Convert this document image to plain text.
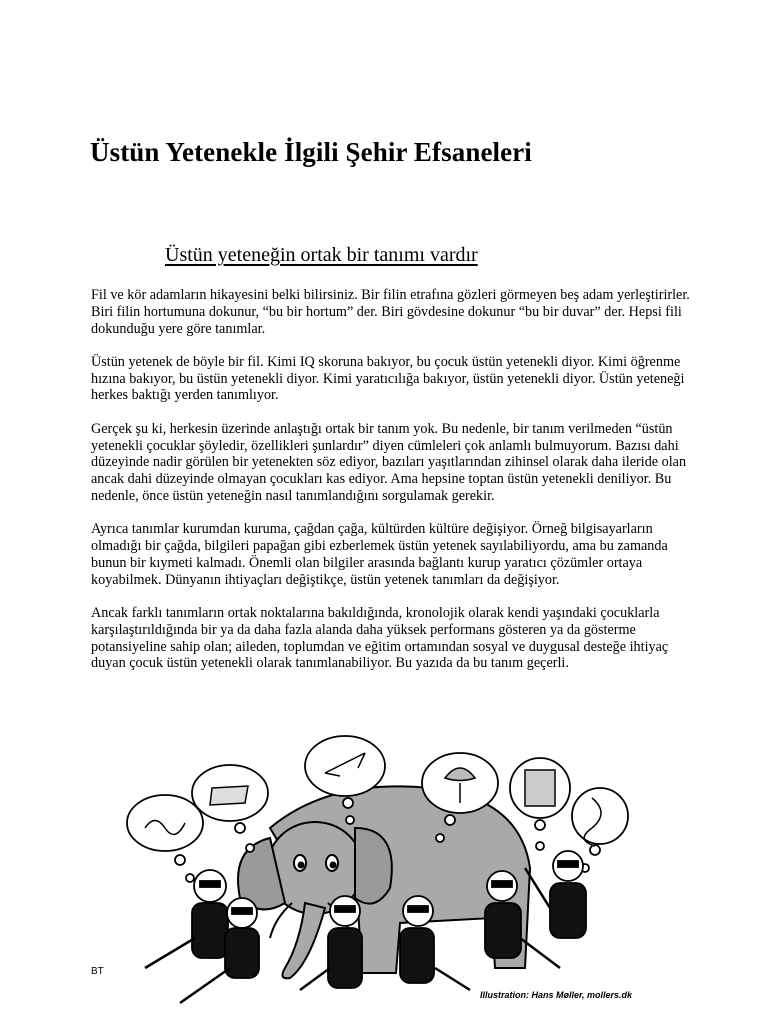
Üstün Yetenekle İlgili Şehir Efsaneleri
Üstün yeteneğin ortak bir tanımı vardır

Fil ve kör adamların hikayesini belki bilirsiniz. Bir filin etrafına gözleri görmeyen beş adam yerleştirirler. Biri filin hortumuna dokunur, “bu bir hortum” der. Biri gövdesine dokunur “bu bir duvar” der. Hepsi fili dokunduğu yere göre tanımlar.

Üstün yetenek de böyle bir fil. Kimi IQ skoruna bakıyor, bu çocuk üstün yetenekli diyor. Kimi öğrenme hızına bakıyor, bu üstün yetenekli diyor. Kimi yaratıcılığa bakıyor, üstün yetenekli diyor. Üstün yeteneği herkes baktığı yerden tanımlıyor.

Gerçek şu ki, herkesin üzerinde anlaştığı ortak bir tanım yok. Bu nedenle, bir tanım verilmeden “üstün yetenekli çocuklar şöyledir, özellikleri şunlardır” diyen cümleleri çok anlamlı bulmuyorum. Bazısı dahi düzeyinde nadir görülen bir yetenekten söz ediyor, bazıları yaşıtlarından zihinsel olarak daha ileride olan ancak dahi düzeyinde olmayan çocukları kas ediyor. Ama hepsine toptan üstün yetenekli deniliyor. Bu nedenle, önce üstün yeteneğin nasıl tanımlandığını sorgulamak gerekir.

Ayrıca tanımlar kurumdan kuruma, çağdan çağa, kültürden kültüre değişiyor. Örneğ bilgisayarların olmadığı bir çağda, bilgileri papağan gibi ezberlemek üstün yetenek sayılabiliyordu, ama bu zamanda bunun bir kıymeti kalmadı. Önemli olan bilgiler arasında bağlantı kurup yaratıcı çözümler ortaya koyabilmek. Dünyanın ihtiyaçları değiştikçe, üstün yetenek tanımları da değişiyor.

Ancak farklı tanımların ortak noktalarına bakıldığında, kronolojik olarak kendi yaşındaki çocuklarla karşılaştırıldığında bir ya da daha fazla alanda daha yüksek performans gösteren ya da gösterme potansiyeline sahip olan; aileden, toplumdan ve eğitim ortamından sosyal ve duygusal desteğe ihtiyaç duyan çocuk üstün yetenekli olarak tanımlanabiliyor. Bu yazıda da bu tanım geçerli.

Illustration: Hans Møller, mollers.dk
BT
